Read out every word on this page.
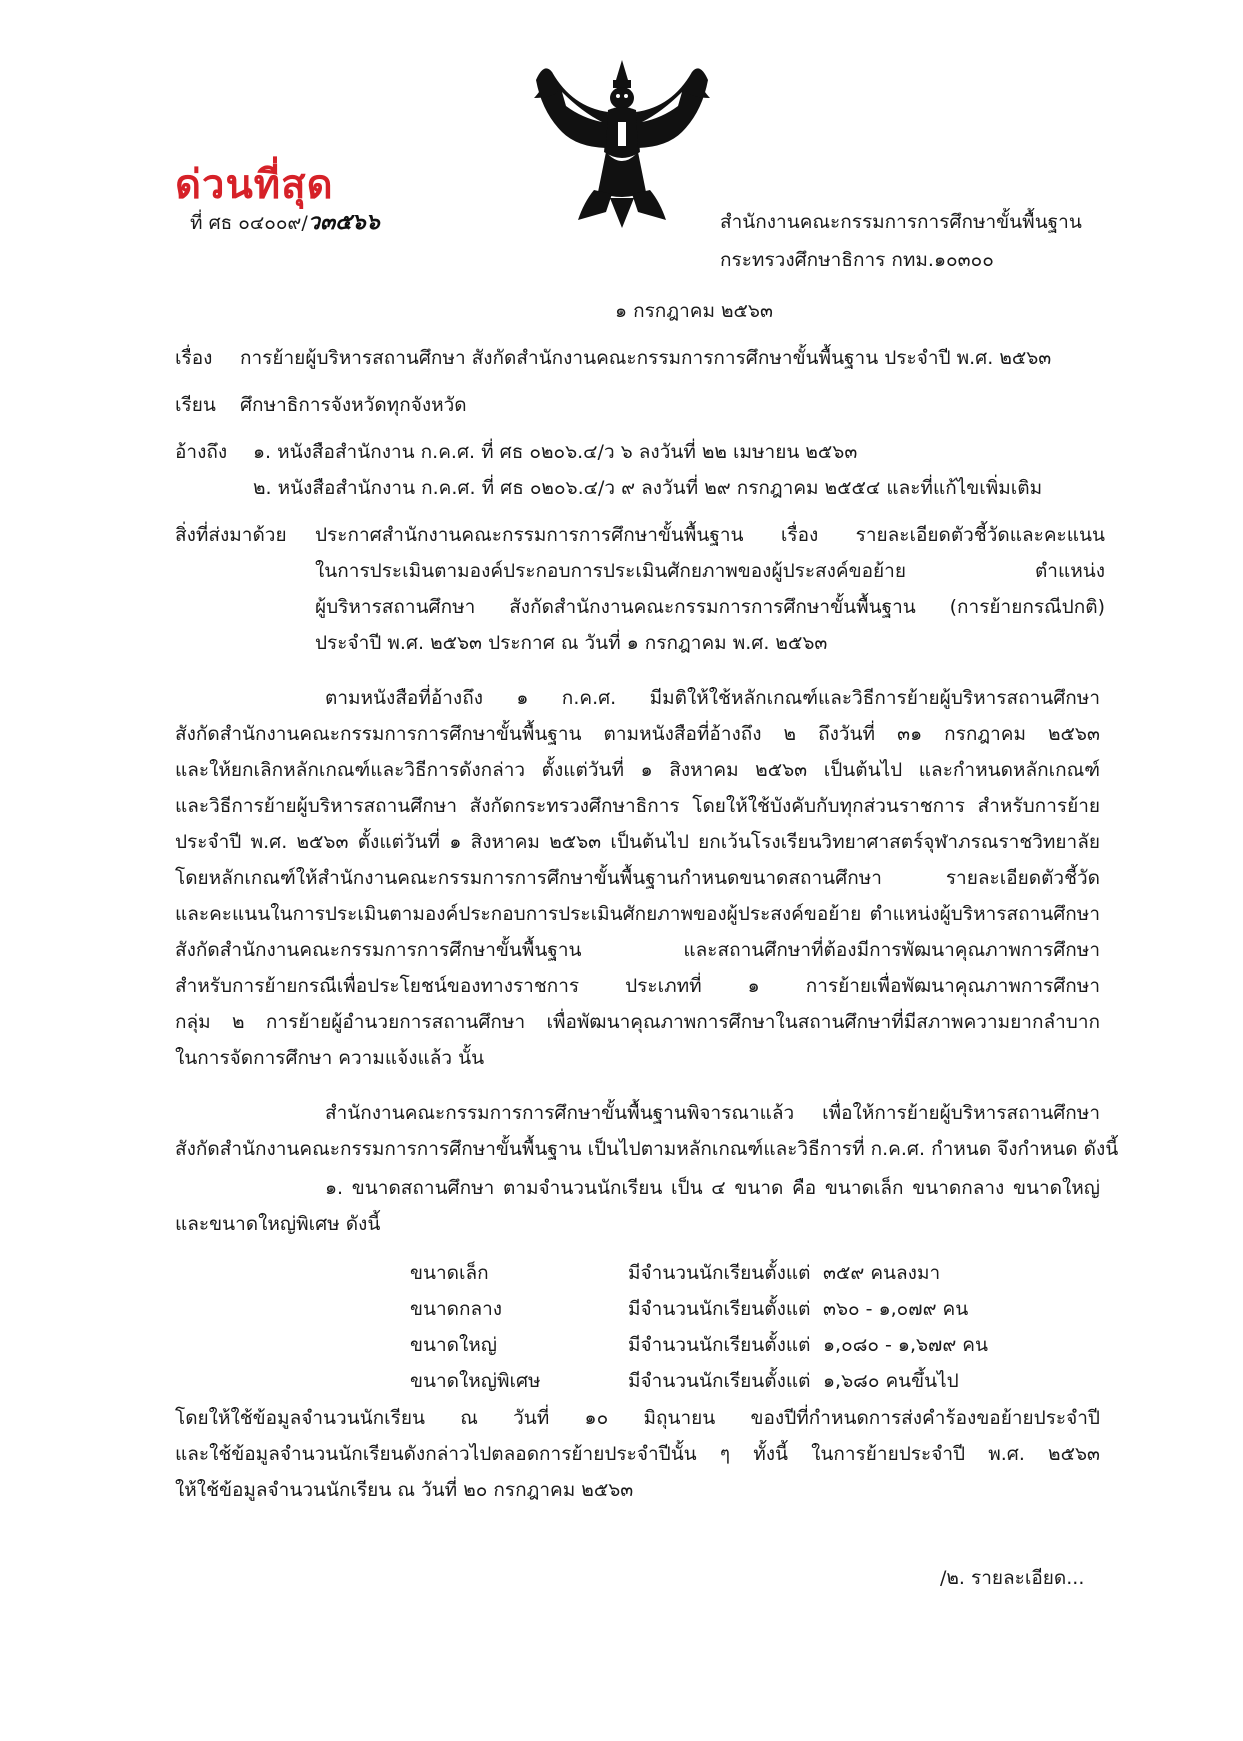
ด่วนที่สุด
ที่ ศธ ๐๔๐๐๙/ว๓๕๖๖	สำนักงานคณะกรรมการการศึกษาขั้นพื้นฐาน
กระทรวงศึกษาธิการ กทม.๑๐๓๐๐
๑ กรกฎาคม ๒๕๖๓
เรื่อง การย้ายผู้บริหารสถานศึกษา สังกัดสำนักงานคณะกรรมการการศึกษาขั้นพื้นฐาน ประจำปี พ.ศ. ๒๕๖๓
เรียน ศึกษาธิการจังหวัดทุกจังหวัด
อ้างถึง ๑. หนังสือสำนักงาน ก.ค.ศ. ที่ ศธ ๐๒๐๖.๔/ว ๖ ลงวันที่ ๒๒ เมษายน ๒๕๖๓
๒. หนังสือสำนักงาน ก.ค.ศ. ที่ ศธ ๐๒๐๖.๔/ว ๙ ลงวันที่ ๒๙ กรกฎาคม ๒๕๕๔ และที่แก้ไขเพิ่มเติม
สิ่งที่ส่งมาด้วย ประกาศสำนักงานคณะกรรมการการศึกษาขั้นพื้นฐาน เรื่อง รายละเอียดตัวชี้วัดและคะแนน
ในการประเมินตามองค์ประกอบการประเมินศักยภาพของผู้ประสงค์ขอย้าย ตำแหน่ง
ผู้บริหารสถานศึกษา สังกัดสำนักงานคณะกรรมการการศึกษาขั้นพื้นฐาน (การย้ายกรณีปกติ)
ประจำปี พ.ศ. ๒๕๖๓ ประกาศ ณ วันที่ ๑ กรกฎาคม พ.ศ. ๒๕๖๓
ตามหนังสือที่อ้างถึง ๑ ก.ค.ศ. มีมติให้ใช้หลักเกณฑ์และวิธีการย้ายผู้บริหารสถานศึกษา
สังกัดสำนักงานคณะกรรมการการศึกษาขั้นพื้นฐาน ตามหนังสือที่อ้างถึง ๒ ถึงวันที่ ๓๑ กรกฎาคม ๒๕๖๓
และให้ยกเลิกหลักเกณฑ์และวิธีการดังกล่าว ตั้งแต่วันที่ ๑ สิงหาคม ๒๕๖๓ เป็นต้นไป และกำหนดหลักเกณฑ์
และวิธีการย้ายผู้บริหารสถานศึกษา สังกัดกระทรวงศึกษาธิการ โดยให้ใช้บังคับกับทุกส่วนราชการ สำหรับการย้าย
ประจำปี พ.ศ. ๒๕๖๓ ตั้งแต่วันที่ ๑ สิงหาคม ๒๕๖๓ เป็นต้นไป ยกเว้นโรงเรียนวิทยาศาสตร์จุฬาภรณราชวิทยาลัย
โดยหลักเกณฑ์ให้สำนักงานคณะกรรมการการศึกษาขั้นพื้นฐานกำหนดขนาดสถานศึกษา รายละเอียดตัวชี้วัด
และคะแนนในการประเมินตามองค์ประกอบการประเมินศักยภาพของผู้ประสงค์ขอย้าย ตำแหน่งผู้บริหารสถานศึกษา
สังกัดสำนักงานคณะกรรมการการศึกษาขั้นพื้นฐาน และสถานศึกษาที่ต้องมีการพัฒนาคุณภาพการศึกษา
สำหรับการย้ายกรณีเพื่อประโยชน์ของทางราชการ ประเภทที่ ๑ การย้ายเพื่อพัฒนาคุณภาพการศึกษา
กลุ่ม ๒ การย้ายผู้อำนวยการสถานศึกษา เพื่อพัฒนาคุณภาพการศึกษาในสถานศึกษาที่มีสภาพความยากลำบาก
ในการจัดการศึกษา ความแจ้งแล้ว นั้น
สำนักงานคณะกรรมการการศึกษาขั้นพื้นฐานพิจารณาแล้ว เพื่อให้การย้ายผู้บริหารสถานศึกษา
สังกัดสำนักงานคณะกรรมการการศึกษาขั้นพื้นฐาน เป็นไปตามหลักเกณฑ์และวิธีการที่ ก.ค.ศ. กำหนด จึงกำหนด ดังนี้
๑. ขนาดสถานศึกษา ตามจำนวนนักเรียน เป็น ๔ ขนาด คือ ขนาดเล็ก ขนาดกลาง ขนาดใหญ่
และขนาดใหญ่พิเศษ ดังนี้
ขนาดเล็ก	มีจำนวนนักเรียนตั้งแต่ ๓๕๙ คนลงมา
ขนาดกลาง	มีจำนวนนักเรียนตั้งแต่ ๓๖๐ - ๑,๐๗๙ คน
ขนาดใหญ่	มีจำนวนนักเรียนตั้งแต่ ๑,๐๘๐ - ๑,๖๗๙ คน
ขนาดใหญ่พิเศษ	มีจำนวนนักเรียนตั้งแต่ ๑,๖๘๐ คนขึ้นไป
โดยให้ใช้ข้อมูลจำนวนนักเรียน ณ วันที่ ๑๐ มิถุนายน ของปีที่กำหนดการส่งคำร้องขอย้ายประจำปี
และใช้ข้อมูลจำนวนนักเรียนดังกล่าวไปตลอดการย้ายประจำปีนั้น ๆ ทั้งนี้ ในการย้ายประจำปี พ.ศ. ๒๕๖๓
ให้ใช้ข้อมูลจำนวนนักเรียน ณ วันที่ ๒๐ กรกฎาคม ๒๕๖๓
/๒. รายละเอียด...
